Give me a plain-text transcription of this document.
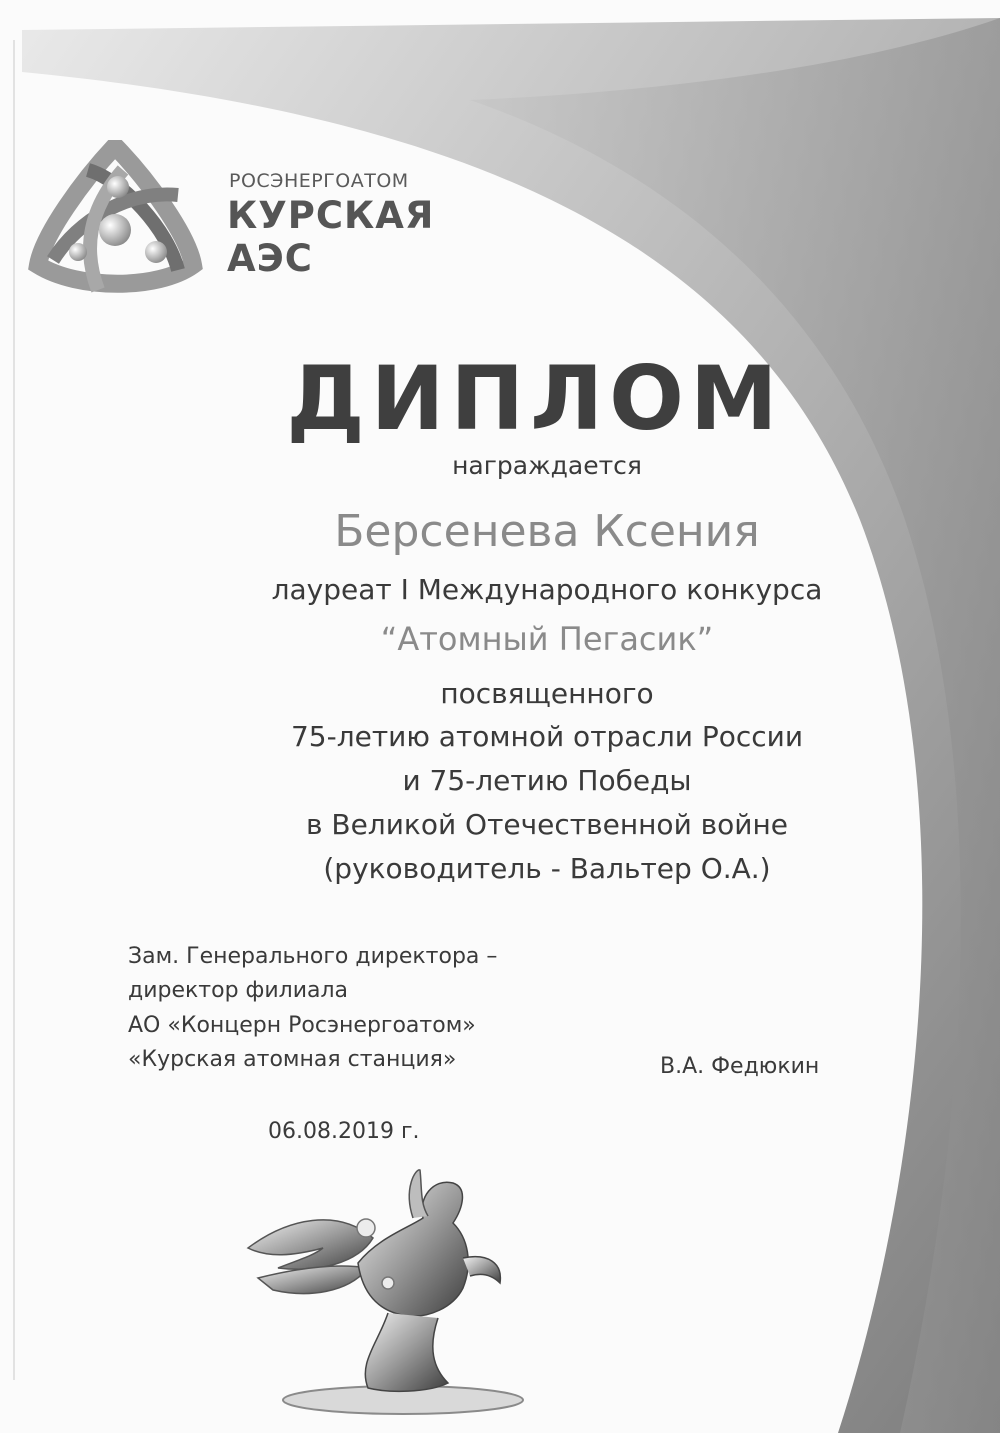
РОСЭНЕРГОАТОМ
КУРСКАЯ
АЭС
ДИПЛОМ
награждается
Берсенева Ксения
лауреат I Международного конкурса
“Атомный Пегасик”
посвященного
75-летию атомной отрасли России
и 75-летию Победы
в Великой Отечественной войне
(руководитель - Вальтер О.А.)
Зам. Генерального директора –
директор филиала
АО «Концерн Росэнергоатом»
«Курская атомная станция»	В.А. Федюкин
06.08.2019 г.
